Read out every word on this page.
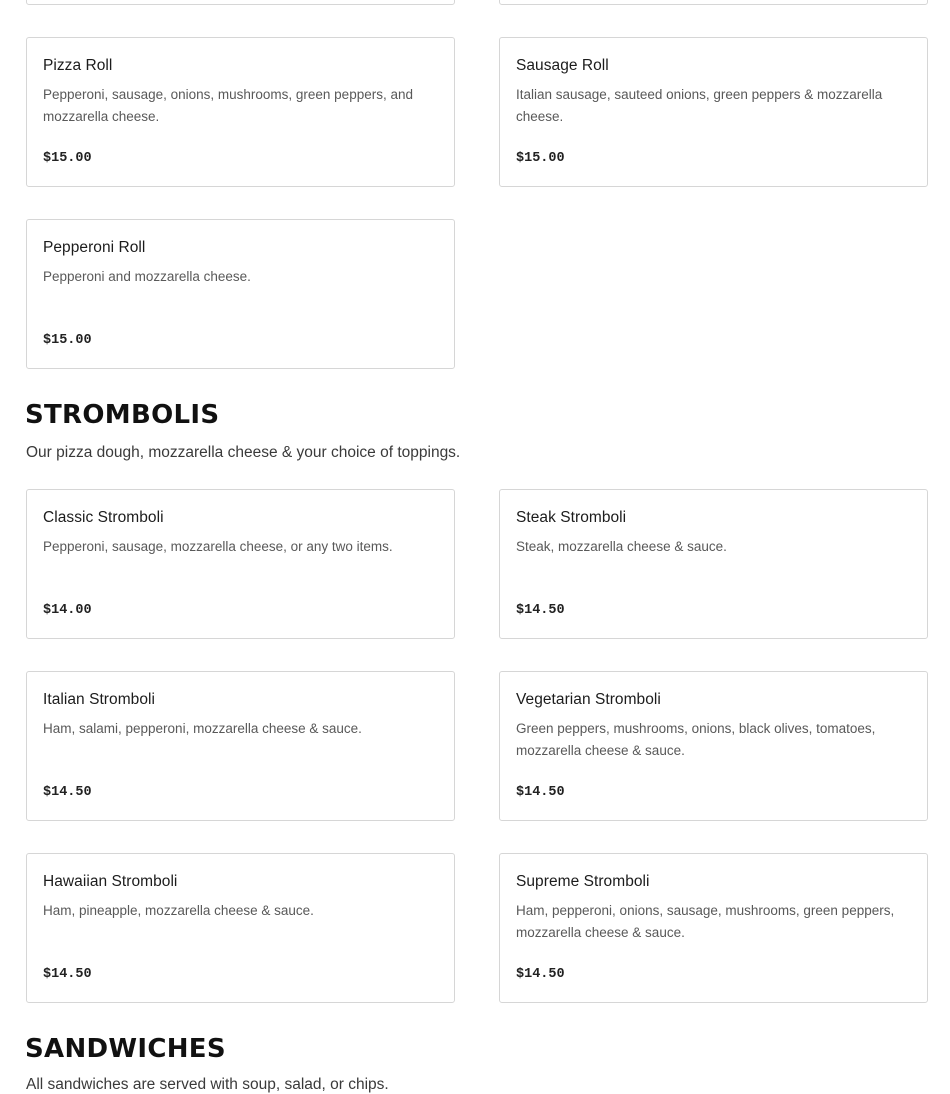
Pizza Roll
Pepperoni, sausage, onions, mushrooms, green peppers, and mozzarella cheese.
$15.00
Sausage Roll
Italian sausage, sauteed onions, green peppers & mozzarella cheese.
$15.00
Pepperoni Roll
Pepperoni and mozzarella cheese.
$15.00
STROMBOLIS

Our pizza dough, mozzarella cheese & your choice of toppings.

Classic Stromboli
Pepperoni, sausage, mozzarella cheese, or any two items.
$14.00
Steak Stromboli
Steak, mozzarella cheese & sauce.
$14.50
Italian Stromboli
Ham, salami, pepperoni, mozzarella cheese & sauce.
$14.50
Vegetarian Stromboli
Green peppers, mushrooms, onions, black olives, tomatoes, mozzarella cheese & sauce.
$14.50
Hawaiian Stromboli
Ham, pineapple, mozzarella cheese & sauce.
$14.50
Supreme Stromboli
Ham, pepperoni, onions, sausage, mushrooms, green peppers, mozzarella cheese & sauce.
$14.50
SANDWICHES

All sandwiches are served with soup, salad, or chips.
